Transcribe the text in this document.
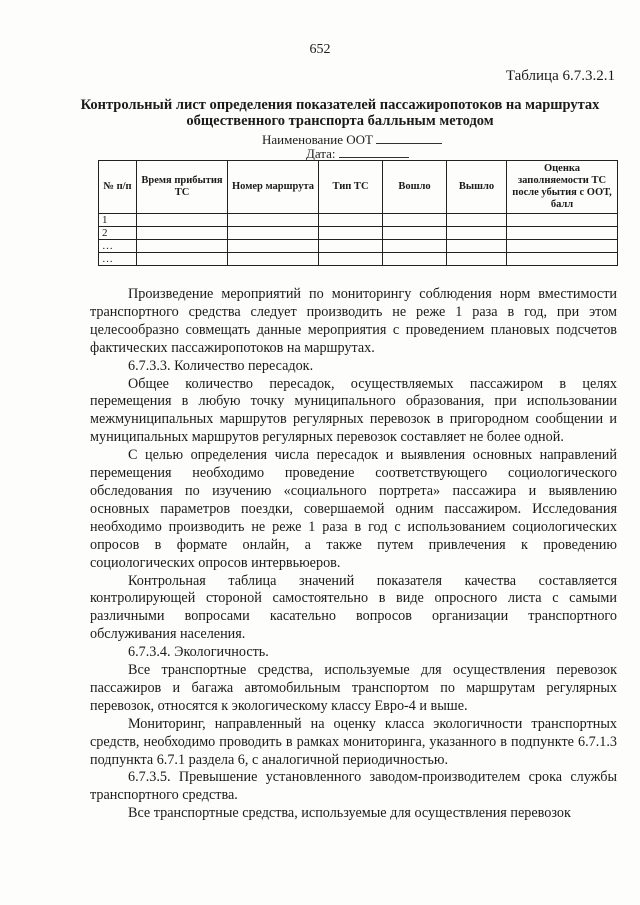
652
Таблица 6.7.3.2.1
Контрольный лист определения показателей пассажиропотоков на маршрутах общественного транспорта балльным методом
Наименование ООТ
Дата:
№ п/п	Время прибытия ТС	Номер маршрута	Тип ТС	Вошло	Вышло	Оценка заполняемости ТС после убытия с ООТ, балл
1						
2						
…						
…						

Произведение мероприятий по мониторингу соблюдения норм вместимости транспортного средства следует производить не реже 1 раза в год, при этом целесообразно совмещать данные мероприятия с проведением плановых подсчетов фактических пассажиропотоков на маршрутах.

6.7.3.3. Количество пересадок.

Общее количество пересадок, осуществляемых пассажиром в целях перемещения в любую точку муниципального образования, при использовании межмуниципальных маршрутов регулярных перевозок в пригородном сообщении и муниципальных маршрутов регулярных перевозок составляет не более одной.

С целью определения числа пересадок и выявления основных направлений перемещения необходимо проведение соответствующего социологического обследования по изучению «социального портрета» пассажира и выявлению основных параметров поездки, совершаемой одним пассажиром. Исследования необходимо производить не реже 1 раза в год с использованием социологических опросов в формате онлайн, а также путем привлечения к проведению социологических опросов интервьюеров.

Контрольная таблица значений показателя качества составляется контролирующей стороной самостоятельно в виде опросного листа с самыми различными вопросами касательно вопросов организации транспортного обслуживания населения.

6.7.3.4. Экологичность.

Все транспортные средства, используемые для осуществления перевозок пассажиров и багажа автомобильным транспортом по маршрутам регулярных перевозок, относятся к экологическому классу Евро-4 и выше.

Мониторинг, направленный на оценку класса экологичности транспортных средств, необходимо проводить в рамках мониторинга, указанного в подпункте 6.7.1.3 подпункта 6.7.1 раздела 6, с аналогичной периодичностью.

6.7.3.5. Превышение установленного заводом-производителем срока службы транспортного средства.

Все транспортные средства, используемые для осуществления перевозок
